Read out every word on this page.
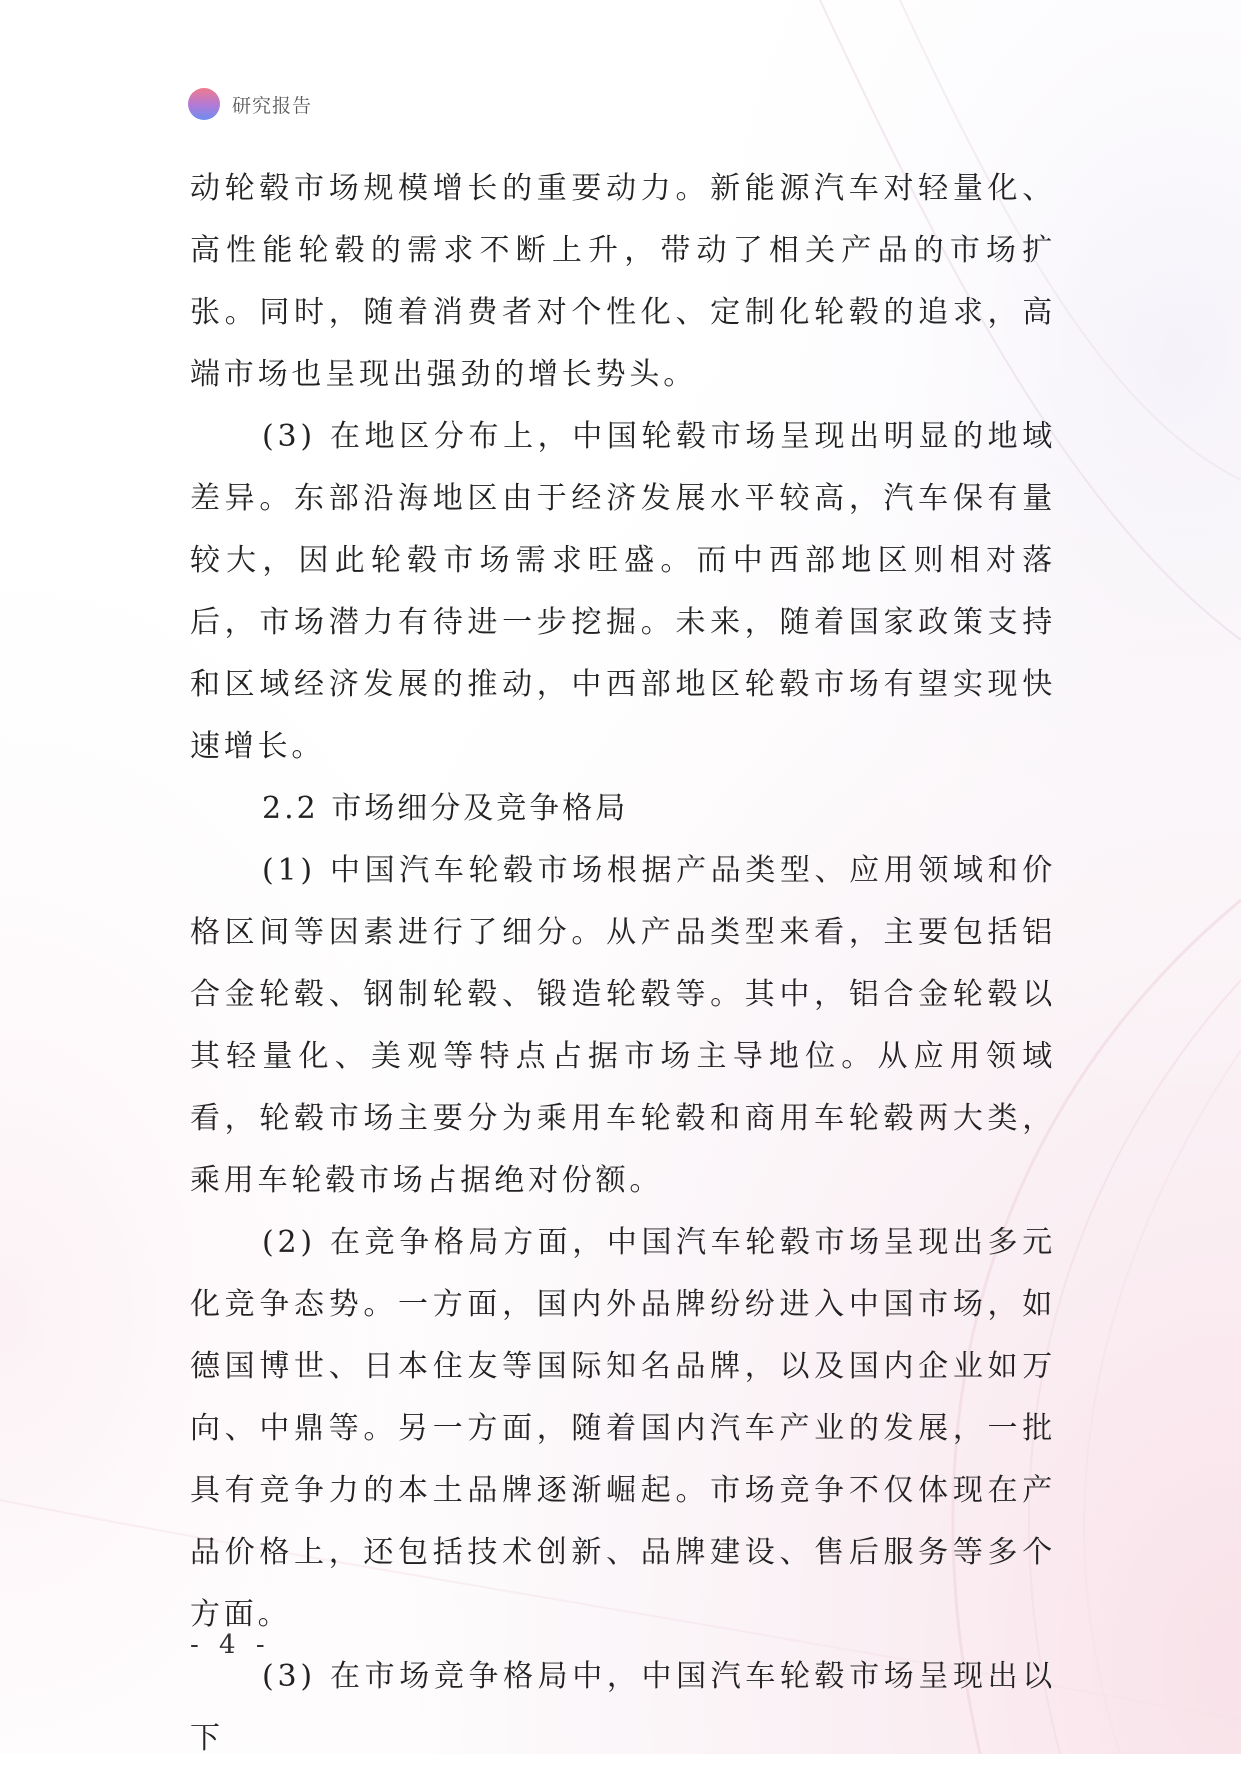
研究报告

动轮毂市场规模增长的重要动力。新能源汽车对轻量化、高性能轮毂的需求不断上升，带动了相关产品的市场扩张。同时，随着消费者对个性化、定制化轮毂的追求，高端市场也呈现出强劲的增长势头。

(3) 在地区分布上，中国轮毂市场呈现出明显的地域差异。东部沿海地区由于经济发展水平较高，汽车保有量较大，因此轮毂市场需求旺盛。而中西部地区则相对落后，市场潜力有待进一步挖掘。未来，随着国家政策支持和区域经济发展的推动，中西部地区轮毂市场有望实现快速增长。

2.2 市场细分及竞争格局

(1) 中国汽车轮毂市场根据产品类型、应用领域和价格区间等因素进行了细分。从产品类型来看，主要包括铝合金轮毂、钢制轮毂、锻造轮毂等。其中，铝合金轮毂以其轻量化、美观等特点占据市场主导地位。从应用领域看，轮毂市场主要分为乘用车轮毂和商用车轮毂两大类，乘用车轮毂市场占据绝对份额。

(2) 在竞争格局方面，中国汽车轮毂市场呈现出多元化竞争态势。一方面，国内外品牌纷纷进入中国市场，如德国博世、日本住友等国际知名品牌，以及国内企业如万向、中鼎等。另一方面，随着国内汽车产业的发展，一批具有竞争力的本土品牌逐渐崛起。市场竞争不仅体现在产品价格上，还包括技术创新、品牌建设、售后服务等多个方面。

(3) 在市场竞争格局中，中国汽车轮毂市场呈现出以下

- 4 -
